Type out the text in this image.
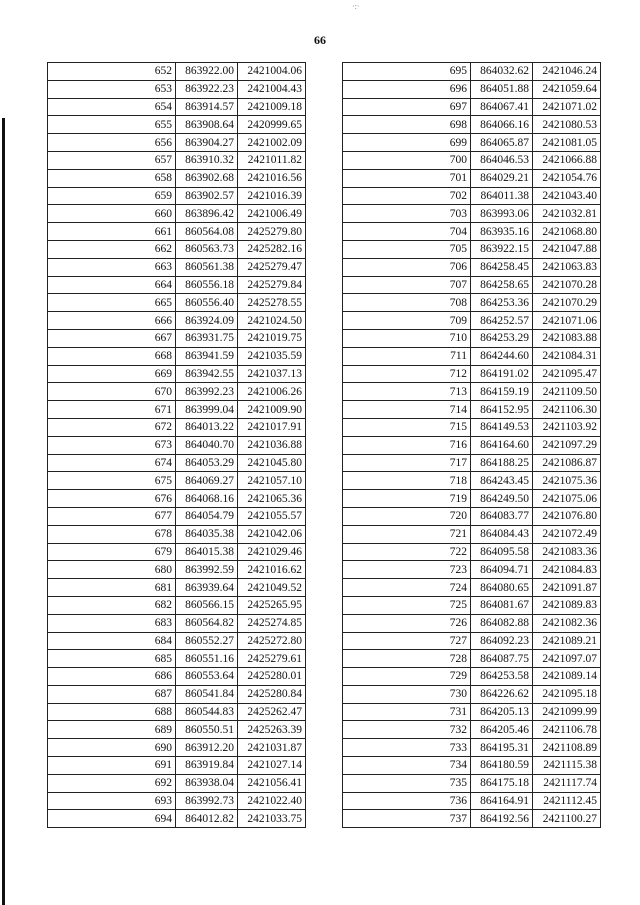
66
·:·
652	863922.00	2421004.06
653	863922.23	2421004.43
654	863914.57	2421009.18
655	863908.64	2420999.65
656	863904.27	2421002.09
657	863910.32	2421011.82
658	863902.68	2421016.56
659	863902.57	2421016.39
660	863896.42	2421006.49
661	860564.08	2425279.80
662	860563.73	2425282.16
663	860561.38	2425279.47
664	860556.18	2425279.84
665	860556.40	2425278.55
666	863924.09	2421024.50
667	863931.75	2421019.75
668	863941.59	2421035.59
669	863942.55	2421037.13
670	863992.23	2421006.26
671	863999.04	2421009.90
672	864013.22	2421017.91
673	864040.70	2421036.88
674	864053.29	2421045.80
675	864069.27	2421057.10
676	864068.16	2421065.36
677	864054.79	2421055.57
678	864035.38	2421042.06
679	864015.38	2421029.46
680	863992.59	2421016.62
681	863939.64	2421049.52
682	860566.15	2425265.95
683	860564.82	2425274.85
684	860552.27	2425272.80
685	860551.16	2425279.61
686	860553.64	2425280.01
687	860541.84	2425280.84
688	860544.83	2425262.47
689	860550.51	2425263.39
690	863912.20	2421031.87
691	863919.84	2421027.14
692	863938.04	2421056.41
693	863992.73	2421022.40
694	864012.82	2421033.75
695	864032.62	2421046.24
696	864051.88	2421059.64
697	864067.41	2421071.02
698	864066.16	2421080.53
699	864065.87	2421081.05
700	864046.53	2421066.88
701	864029.21	2421054.76
702	864011.38	2421043.40
703	863993.06	2421032.81
704	863935.16	2421068.80
705	863922.15	2421047.88
706	864258.45	2421063.83
707	864258.65	2421070.28
708	864253.36	2421070.29
709	864252.57	2421071.06
710	864253.29	2421083.88
711	864244.60	2421084.31
712	864191.02	2421095.47
713	864159.19	2421109.50
714	864152.95	2421106.30
715	864149.53	2421103.92
716	864164.60	2421097.29
717	864188.25	2421086.87
718	864243.45	2421075.36
719	864249.50	2421075.06
720	864083.77	2421076.80
721	864084.43	2421072.49
722	864095.58	2421083.36
723	864094.71	2421084.83
724	864080.65	2421091.87
725	864081.67	2421089.83
726	864082.88	2421082.36
727	864092.23	2421089.21
728	864087.75	2421097.07
729	864253.58	2421089.14
730	864226.62	2421095.18
731	864205.13	2421099.99
732	864205.46	2421106.78
733	864195.31	2421108.89
734	864180.59	2421115.38
735	864175.18	2421117.74
736	864164.91	2421112.45
737	864192.56	2421100.27
